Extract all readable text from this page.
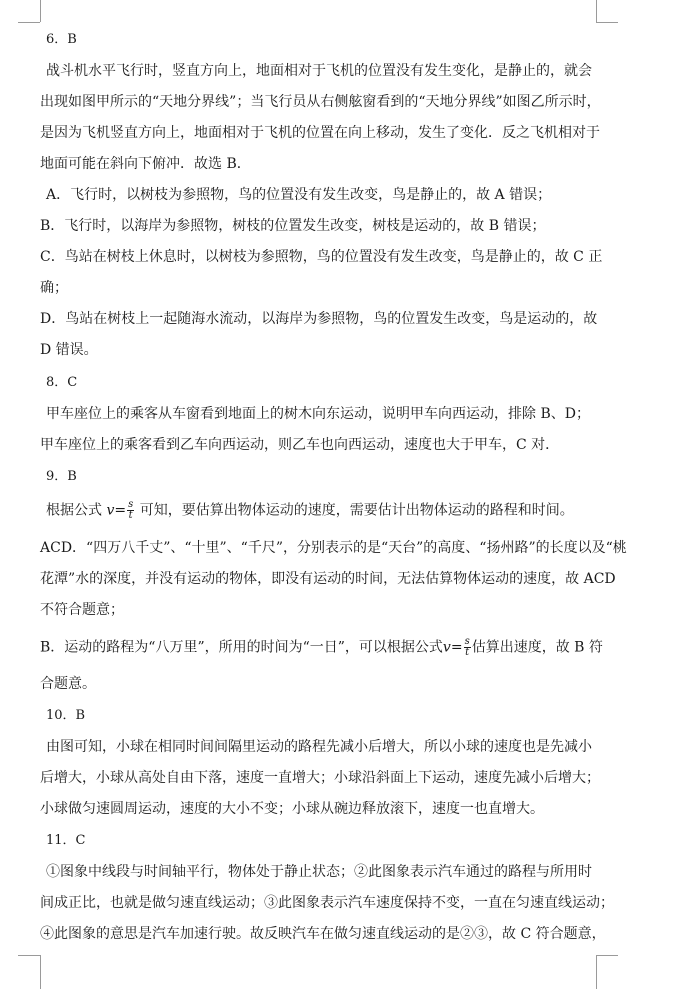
6．B
战斗机水平飞行时，竖直方向上，地面相对于飞机的位置没有发生变化，是静止的，就会
出现如图甲所示的“天地分界线”；当飞行员从右侧舷窗看到的“天地分界线”如图乙所示时，
是因为飞机竖直方向上，地面相对于飞机的位置在向上移动，发生了变化．反之飞机相对于
地面可能在斜向下俯冲．故选 B．
A．飞行时，以树枝为参照物，鸟的位置没有发生改变，鸟是静止的，故 A 错误；
B．飞行时，以海岸为参照物，树枝的位置发生改变，树枝是运动的，故 B 错误；
C．鸟站在树枝上休息时，以树枝为参照物，鸟的位置没有发生改变，鸟是静止的，故 C 正
确；
D．鸟站在树枝上一起随海水流动，以海岸为参照物，鸟的位置发生改变，鸟是运动的，故
D 错误。
8．C
甲车座位上的乘客从车窗看到地面上的树木向东运动，说明甲车向西运动，排除 B、D；
甲车座位上的乘客看到乙车向西运动，则乙车也向西运动，速度也大于甲车，C 对．
9．B
根据公式 $v= \frac{s}{t}$ 可知，要估算出物体运动的速度，需要估计出物体运动的路程和时间。
ACD．“四万八千丈”、“十里”、“千尺”，分别表示的是“天台”的高度、“扬州路”的长度以及“桃
花潭”水的深度，并没有运动的物体，即没有运动的时间，无法估算物体运动的速度，故 ACD
不符合题意；
B．运动的路程为“八万里”，所用的时间为“一日”，可以根据公式$v= \frac{s}{t}$ 估算出速度，故 B 符
合题意。
10．B
由图可知，小球在相同时间间隔里运动的路程先减小后增大，所以小球的速度也是先减小
后增大，小球从高处自由下落，速度一直增大；小球沿斜面上下运动，速度先减小后增大；
小球做匀速圆周运动，速度的大小不变；小球从碗边释放滚下，速度一也直增大。
11．C
①图象中线段与时间轴平行，物体处于静止状态；②此图象表示汽车通过的路程与所用时
间成正比，也就是做匀速直线运动；③此图象表示汽车速度保持不变，一直在匀速直线运动；
④此图象的意思是汽车加速行驶。故反映汽车在做匀速直线运动的是②③，故 C 符合题意，
